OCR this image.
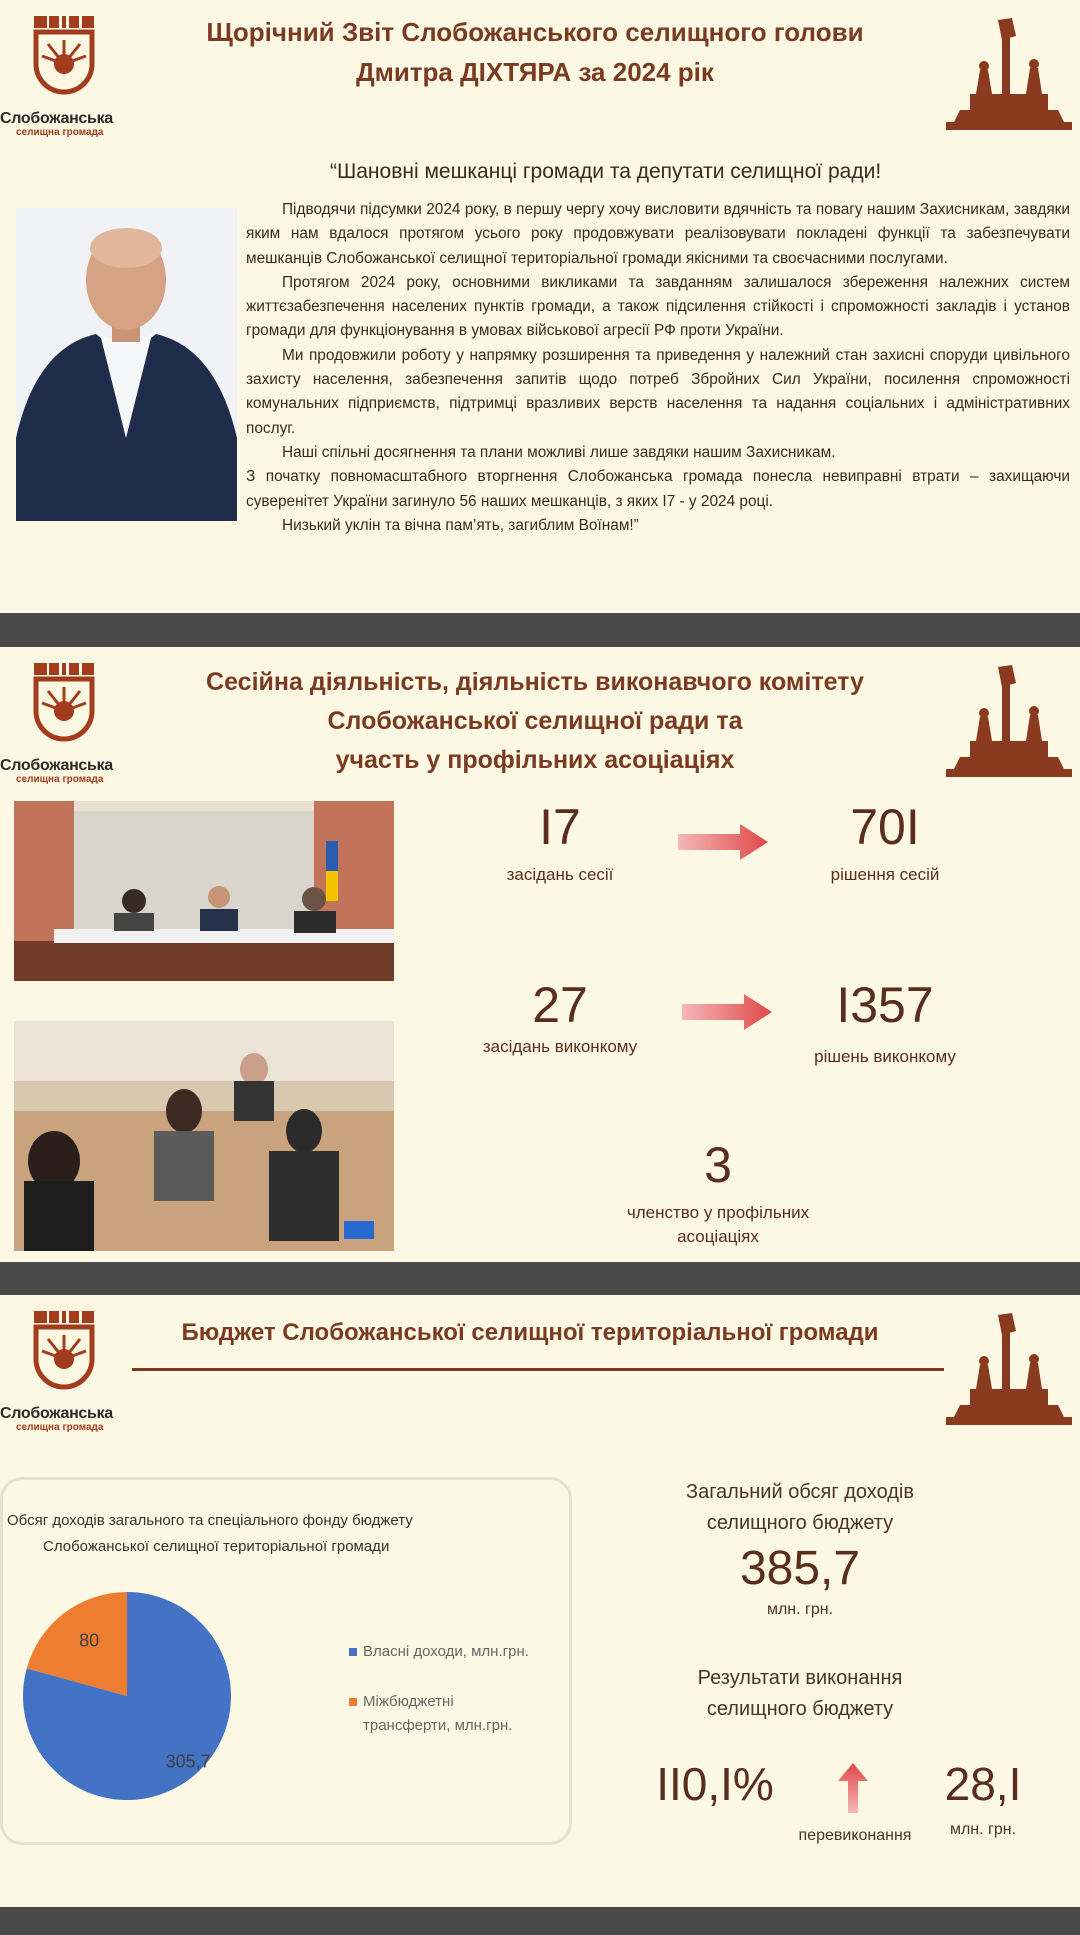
Слобожанська
селищна громада
Щорічний Звіт Слобожанського селищного голови
Дмитра ДІХТЯРА за 2024 рік
“Шановні мешканці громади та депутати селищної ради!

Підводячи підсумки 2024 року, в першу чергу хочу висловити вдячність та повагу нашим Захисникам, завдяки яким нам вдалося протягом усього року продовжувати реалізовувати покладені функції та забезпечувати мешканців Слобожанської селищної територіальної громади якісними та своєчасними послугами.

Протягом 2024 року, основними викликами та завданням залишалося збереження належних систем життєзабезпечення населених пунктів громади, а також підсилення стійкості і спроможності закладів і установ громади для функціонування в умовах військової агресії РФ проти України.

Ми продовжили роботу у напрямку розширення та приведення у належний стан захисні споруди цивільного захисту населення, забезпечення запитів щодо потреб Збройних Сил України, посилення спроможності комунальних підприємств, підтримці вразливих верств населення та надання соціальних і адміністративних послуг.

Наші спільні досягнення та плани можливі лише завдяки нашим Захисникам.

З початку повномасштабного вторгнення Слобожанська громада понесла невиправні втрати – захищаючи суверенітет України загинуло 56 наших мешканців, з яких І7 - у 2024 році.

Низький уклін та вічна пам’ять, загиблим Воїнам!”

Слобожанська
селищна громада
Сесійна діяльність, діяльність виконавчого комітету
Слобожанської селищної ради та
участь у профільних асоціаціях
І7
засідань сесії
70І
рішення сесій
27
засідань виконкому
І357
рішень виконкому
3
членство у профільних
асоціаціях
Слобожанська
селищна громада
Бюджет Слобожанської селищної територіальної громади
Обсяг доходів загального та спеціального фонду бюджету
Слобожанської селищної територіальної громади
80
305,7
Власні доходи, млн.грн.
Міжбюджетні
трансферти, млн.грн.
Загальний обсяг доходів
селищного бюджету
385,7
млн. грн.
Результати виконання
селищного бюджету
ІІ0,І%
перевиконання
28,І
млн. грн.
